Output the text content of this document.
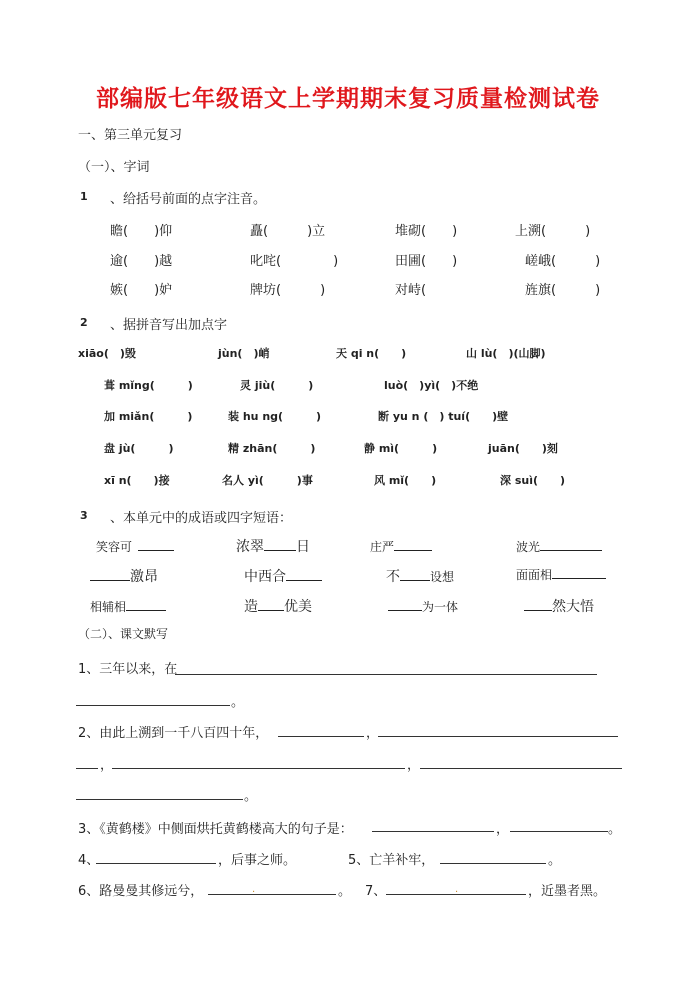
部编版七年级语文上学期期末复习质量检测试卷
一、第三单元复习
（一）、字词
1 、给括号前面的点字注音。
瞻(　　)仰	矗(　　　)立	堆砌(　　)	上溯(　　　)
逾(　　)越	叱咤(　　　　)	田圃(　　)	嵯峨(　　　)
嫉(　　)妒	牌坊(　　　)	对峙(　　　	旌旗(　　　)
2 、据拼音写出加点字
xiāo(　)毁	jùn(　)峭	天 qi n(　　)	山 lù(　)(山脚)
葺 mǐng(　　　)	灵 jiù(　　　)	luò(　)yì(　)不绝
加 miǎn(　　　)	装 hu ng(　　　)	断 yu n (　) tuí(　　)壁
盘 jù(　　　)	精 zhān(　　　)	静 mì(　　　)	juān(　　)刻
xī n(　　)接	名人 yì(　　　)事	风 mǐ(　　)	深 suì(　　)
3 、本单元中的成语或四字短语：
笑容可	浓翠 日	庄严	波光
激昂	中西合	不	设想	面面相
相辅相	造 优美	为一体	然大悟
（二）、课文默写
1、三年以来，在
。
2、由此上溯到一千八百四十年，	，
，	，
。
3、《黄鹤楼》中侧面烘托黄鹤楼高大的句子是：	，	。
4、	，后事之师。	5、亡羊补牢，	。
6、路曼曼其修远兮，	.	。 7、	.	，近墨者黑。
